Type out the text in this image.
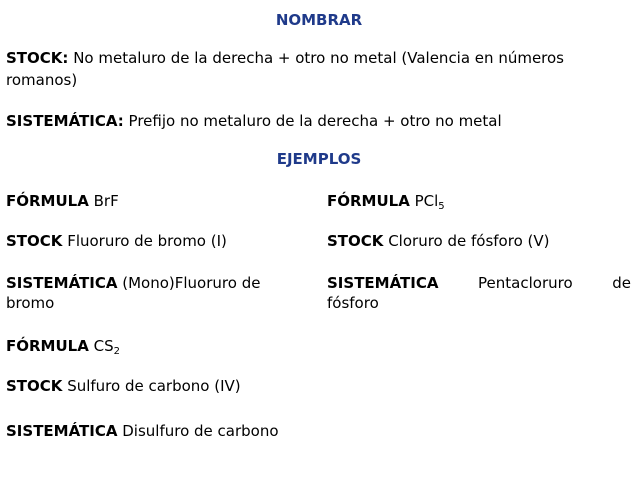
NOMBRAR
STOCK: No metaluro de la derecha + otro no metal (Valencia en números
romanos)
SISTEMÁTICA: Prefijo no metaluro de la derecha + otro no metal
EJEMPLOS
FÓRMULA BrF
STOCK Fluoruro de bromo (I)
SISTEMÁTICA (Mono)Fluoruro de
bromo
FÓRMULA PCl$_5$
STOCK Cloruro de fósforo (V)
SISTEMÁTICA	Pentacloruro	de
fósforo
FÓRMULA $CS_2$
STOCK Sulfuro de carbono (IV)
SISTEMÁTICA Disulfuro de carbono
